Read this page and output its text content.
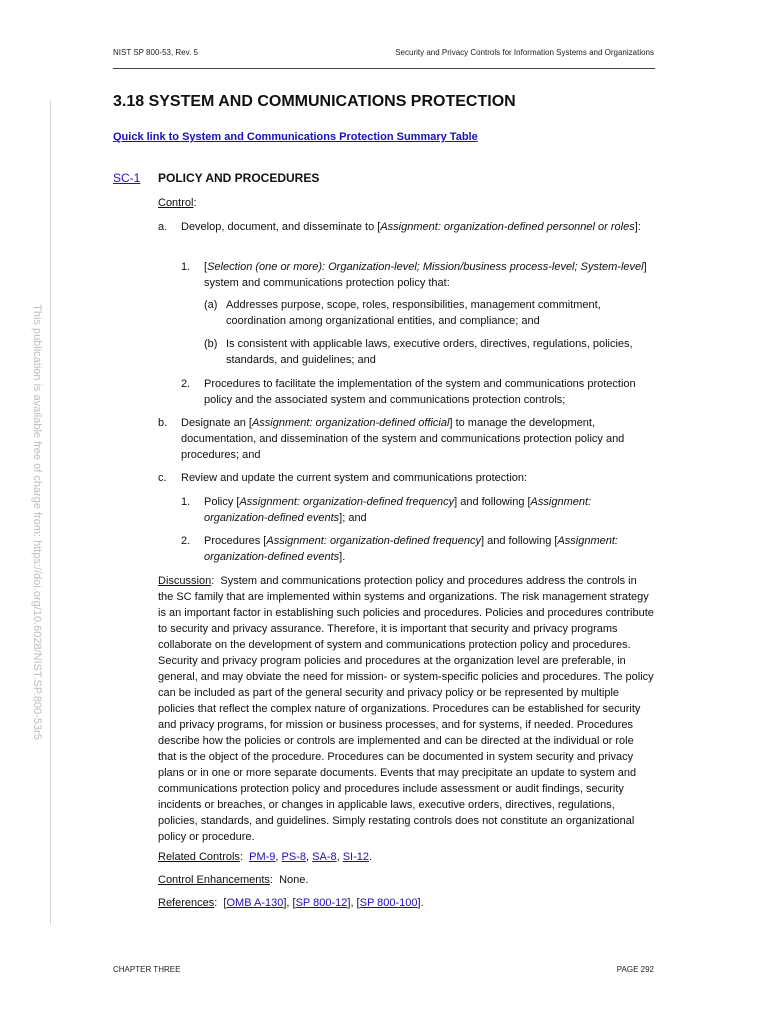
NIST SP 800-53, Rev. 5	Security and Privacy Controls for Information Systems and Organizations
This publication is available free of charge from: https://doi.org/10.6028/NIST.SP.800-53r5
3.18 SYSTEM AND COMMUNICATIONS PROTECTION
Quick link to System and Communications Protection Summary Table
SC-1 POLICY AND PROCEDURES
Control:
a. Develop, document, and disseminate to [Assignment: organization-defined personnel or roles]:
1. [Selection (one or more): Organization-level; Mission/business process-level; System-level] system and communications protection policy that:
(a) Addresses purpose, scope, roles, responsibilities, management commitment, coordination among organizational entities, and compliance; and
(b) Is consistent with applicable laws, executive orders, directives, regulations, policies, standards, and guidelines; and
2. Procedures to facilitate the implementation of the system and communications protection policy and the associated system and communications protection controls;
b. Designate an [Assignment: organization-defined official] to manage the development, documentation, and dissemination of the system and communications protection policy and procedures; and
c. Review and update the current system and communications protection:
1. Policy [Assignment: organization-defined frequency] and following [Assignment: organization-defined events]; and
2. Procedures [Assignment: organization-defined frequency] and following [Assignment: organization-defined events].
Discussion:  System and communications protection policy and procedures address the controls in the SC family that are implemented within systems and organizations. The risk management strategy is an important factor in establishing such policies and procedures. Policies and procedures contribute to security and privacy assurance. Therefore, it is important that security and privacy programs collaborate on the development of system and communications protection policy and procedures. Security and privacy program policies and procedures at the organization level are preferable, in general, and may obviate the need for mission- or system-specific policies and procedures. The policy can be included as part of the general security and privacy policy or be represented by multiple policies that reflect the complex nature of organizations. Procedures can be established for security and privacy programs, for mission or business processes, and for systems, if needed. Procedures describe how the policies or controls are implemented and can be directed at the individual or role that is the object of the procedure. Procedures can be documented in system security and privacy plans or in one or more separate documents. Events that may precipitate an update to system and communications protection policy and procedures include assessment or audit findings, security incidents or breaches, or changes in applicable laws, executive orders, directives, regulations, policies, standards, and guidelines. Simply restating controls does not constitute an organizational policy or procedure.
Related Controls:  PM-9, PS-8, SA-8, SI-12.
Control Enhancements:  None.
References:  [OMB A-130], [SP 800-12], [SP 800-100].
CHAPTER THREE	PAGE 292
